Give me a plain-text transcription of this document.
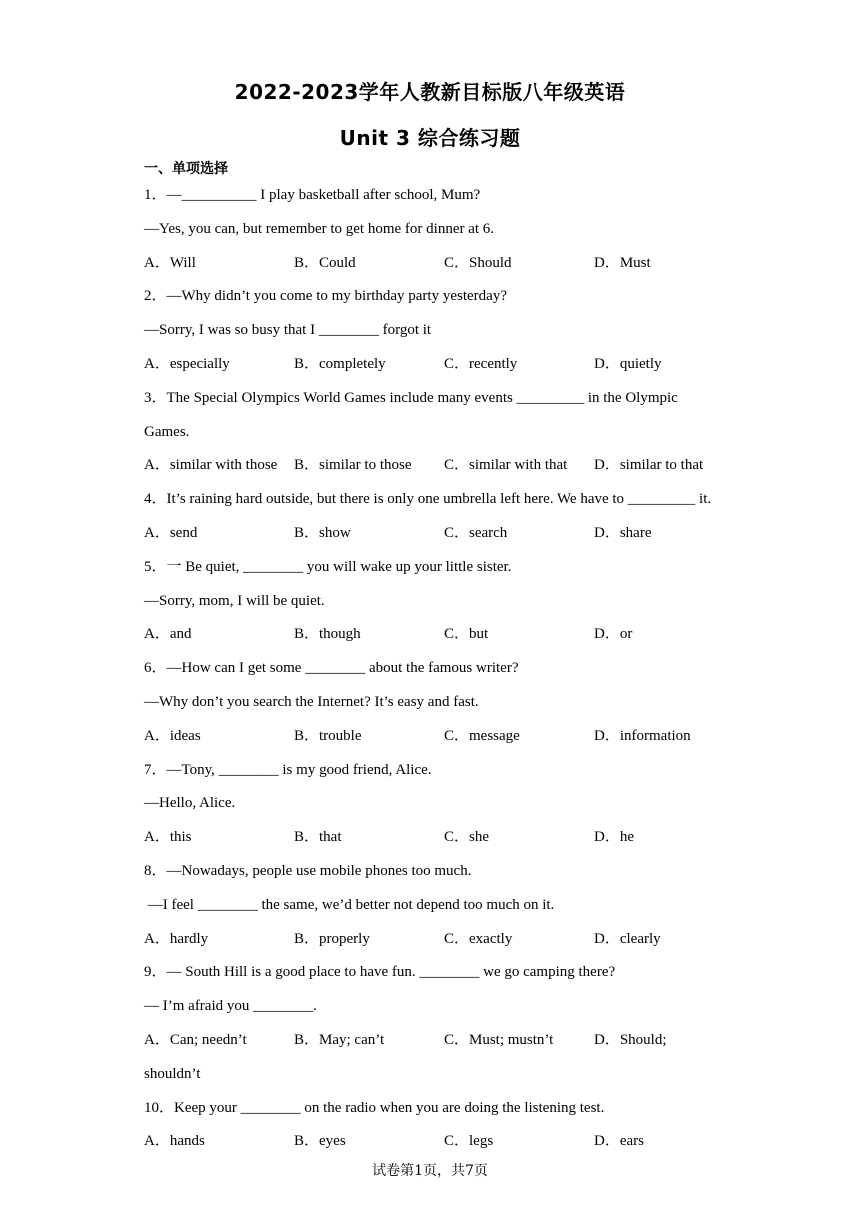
2022-2023学年人教新目标版八年级英语
Unit 3 综合练习题
一、单项选择
1．—__________ I play basketball after school, Mum?
—Yes, you can, but remember to get home for dinner at 6.
A．Will	B．Could	C．Should	D．Must
2．—Why didn’t you come to my birthday party yesterday?
—Sorry, I was so busy that I ________ forgot it
A．especially	B．completely	C．recently	D．quietly
3．The Special Olympics World Games include many events _________ in the Olympic
Games.
A．similar with those B．similar to those C．similar with that D．similar to that
4．It’s raining hard outside, but there is only one umbrella left here. We have to _________ it.
A．send	B．show	C．search	D．share
5．一 Be quiet, ________ you will wake up your little sister.
—Sorry, mom, I will be quiet.
A．and	B．though	C．but	D．or
6．—How can I get some ________ about the famous writer?
—Why don’t you search the Internet? It’s easy and fast.
A．ideas	B．trouble	C．message	D．information
7．—Tony, ________ is my good friend, Alice.
—Hello, Alice.
A．this	B．that	C．she	D．he
8．—Nowadays, people use mobile phones too much.
—I feel ________ the same, we’d better not depend too much on it.
A．hardly	B．properly	C．exactly	D．clearly
9．— South Hill is a good place to have fun. ________ we go camping there?
— I’m afraid you ________.
A．Can; needn’t	B．May; can’t	C．Must; mustn’t	D．Should;
shouldn’t
10．Keep your ________ on the radio when you are doing the listening test.
A．hands	B．eyes	C．legs	D．ears
试卷第1页，共7页
